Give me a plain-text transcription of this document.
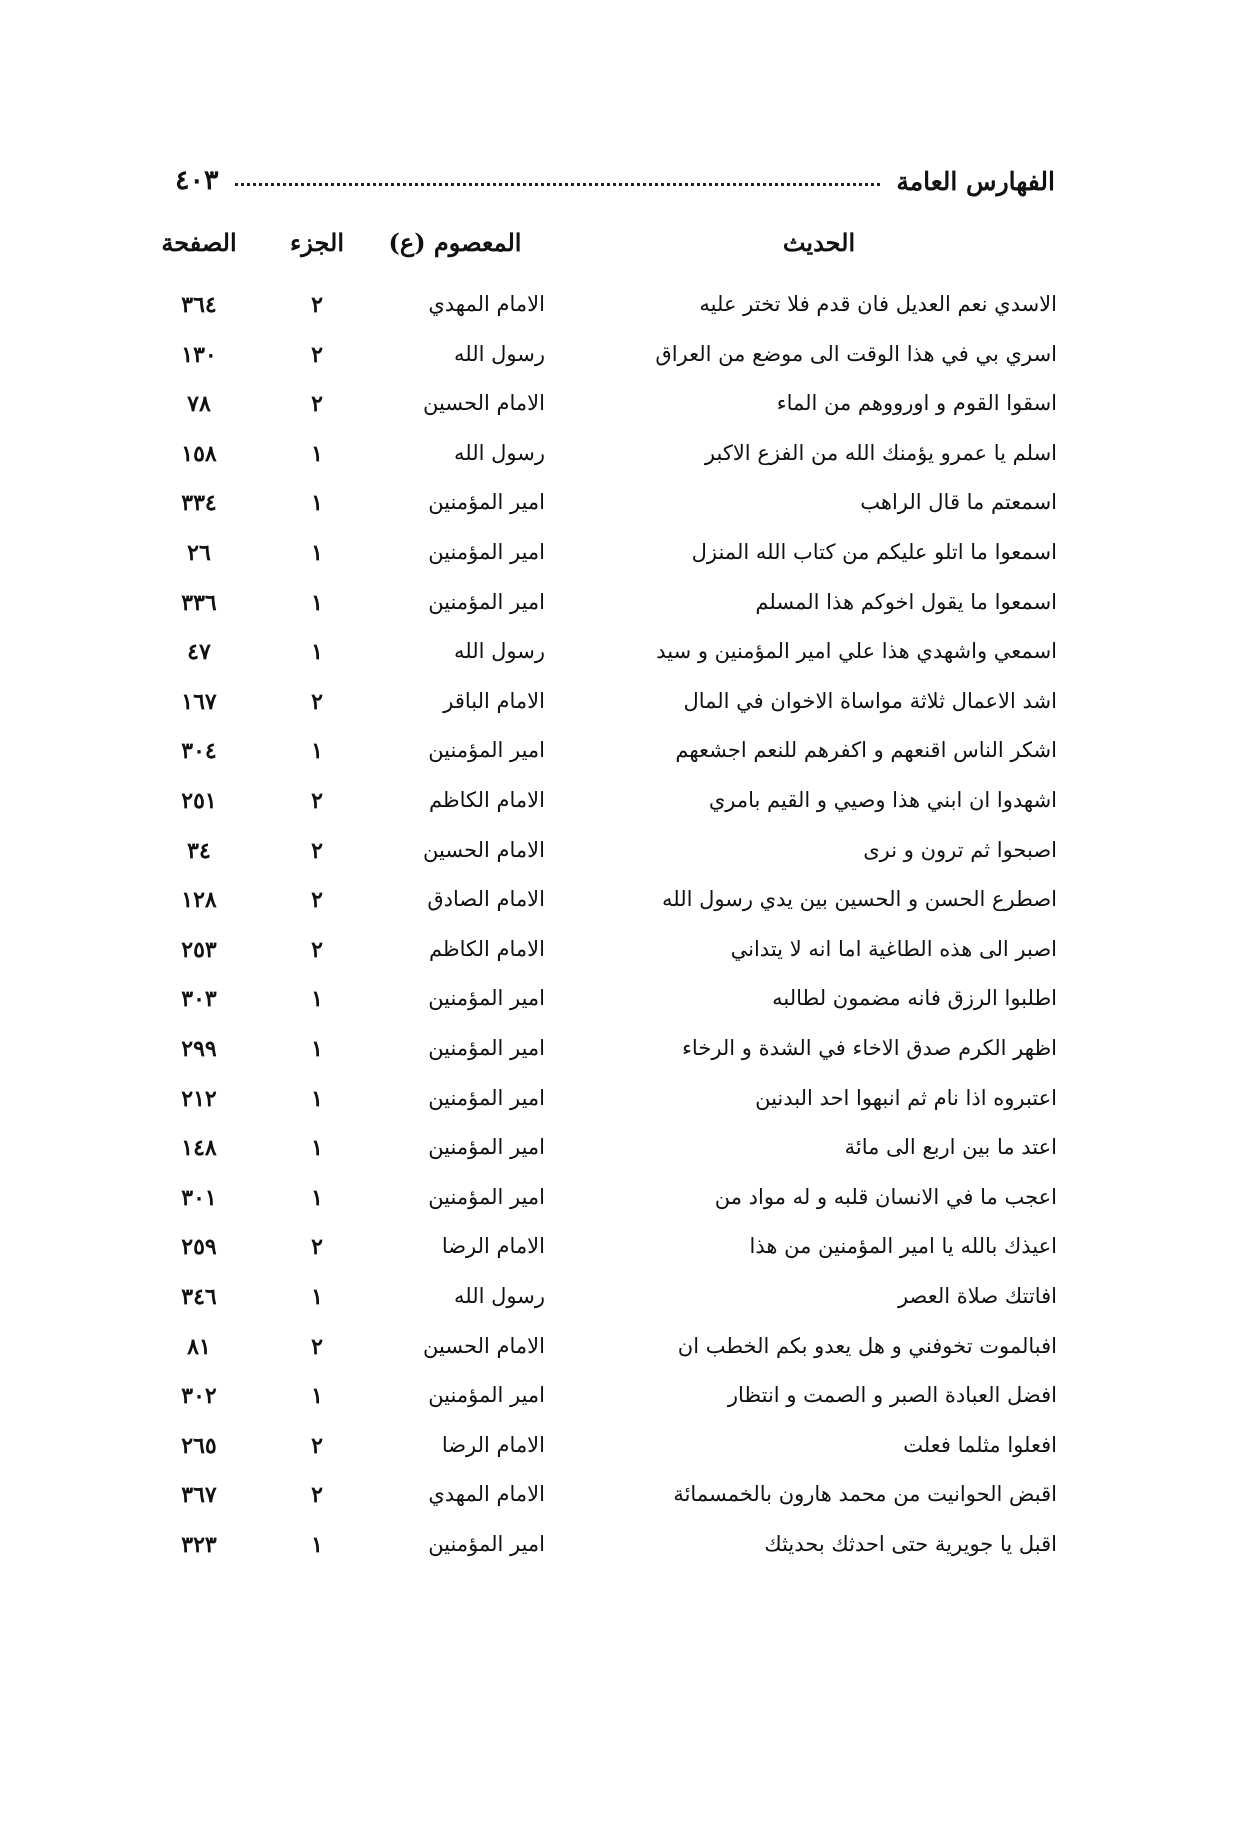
الفهارس العامة
٤٠٣
الحديث
المعصوم (ع)
الجزء
الصفحة
الاسدي نعم العديل فان قدم فلا تختر عليه
الامام المهدي
٢
٣٦٤
اسري بي في هذا الوقت الى موضع من العراق
رسول الله
٢
١٣٠
اسقوا القوم و اورووهم من الماء
الامام الحسين
٢
٧٨
اسلم يا عمرو يؤمنك الله من الفزع الاكبر
رسول الله
١
١٥٨
اسمعتم ما قال الراهب
امير المؤمنين
١
٣٣٤
اسمعوا ما اتلو عليكم من كتاب الله المنزل
امير المؤمنين
١
٢٦
اسمعوا ما يقول اخوكم هذا المسلم
امير المؤمنين
١
٣٣٦
اسمعي واشهدي هذا علي امير المؤمنين و سيد
رسول الله
١
٤٧
اشد الاعمال ثلاثة مواساة الاخوان في المال
الامام الباقر
٢
١٦٧
اشكر الناس اقنعهم و اكفرهم للنعم اجشعهم
امير المؤمنين
١
٣٠٤
اشهدوا ان ابني هذا وصيي و القيم بامري
الامام الكاظم
٢
٢٥١
اصبحوا ثم ترون و نرى
الامام الحسين
٢
٣٤
اصطرع الحسن و الحسين بين يدي رسول الله
الامام الصادق
٢
١٢٨
اصبر الى هذه الطاغية اما انه لا يتداني
الامام الكاظم
٢
٢٥٣
اطلبوا الرزق فانه مضمون لطالبه
امير المؤمنين
١
٣٠٣
اظهر الكرم صدق الاخاء في الشدة و الرخاء
امير المؤمنين
١
٢٩٩
اعتبروه اذا نام ثم انبهوا احد البدنين
امير المؤمنين
١
٢١٢
اعتد ما بين اربع الى مائة
امير المؤمنين
١
١٤٨
اعجب ما في الانسان قلبه و له مواد من
امير المؤمنين
١
٣٠١
اعيذك بالله يا امير المؤمنين من هذا
الامام الرضا
٢
٢٥٩
افاتتك صلاة العصر
رسول الله
١
٣٤٦
افبالموت تخوفني و هل يعدو بكم الخطب ان
الامام الحسين
٢
٨١
افضل العبادة الصبر و الصمت و انتظار
امير المؤمنين
١
٣٠٢
افعلوا مثلما فعلت
الامام الرضا
٢
٢٦٥
اقبض الحوانيت من محمد هارون بالخمسمائة
الامام المهدي
٢
٣٦٧
اقبل يا جويرية حتى احدثك بحديثك
امير المؤمنين
١
٣٢٣
